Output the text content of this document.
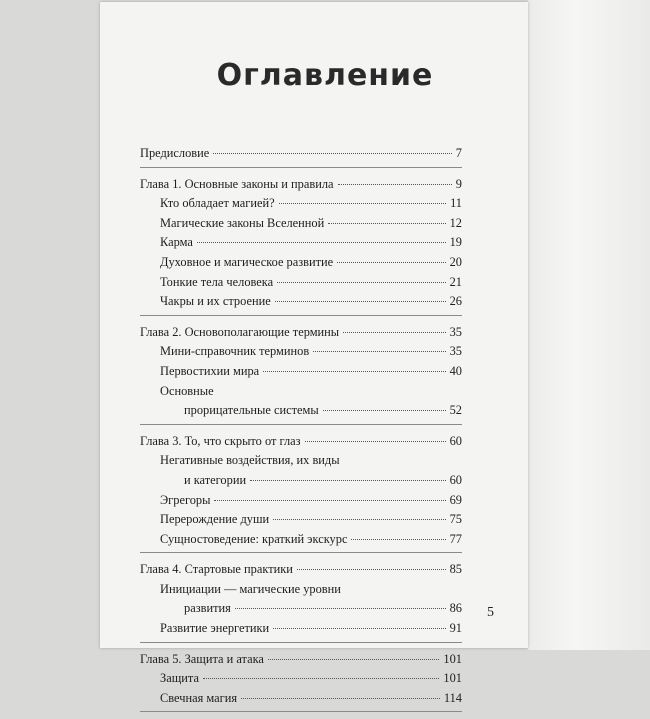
Оглавление
Предисловие	7
Глава 1. Основные законы и правила	9
Кто обладает магией?	11
Магические законы Вселенной	12
Карма	19
Духовное и магическое развитие	20
Тонкие тела человека	21
Чакры и их строение	26
Глава 2. Основополагающие термины	35
Мини-справочник терминов	35
Первостихии мира	40
Основные
прорицательные системы	52
Глава 3. То, что скрыто от глаз	60
Негативные воздействия, их виды
и категории	60
Эгрегоры	69
Перерождение души	75
Сущностоведение: краткий экскурс	77
Глава 4. Стартовые практики	85
Инициации — магические уровни
развития	86
Развитие энергетики	91
Глава 5. Защита и атака	101
Защита	101
Свечная магия	114
5
